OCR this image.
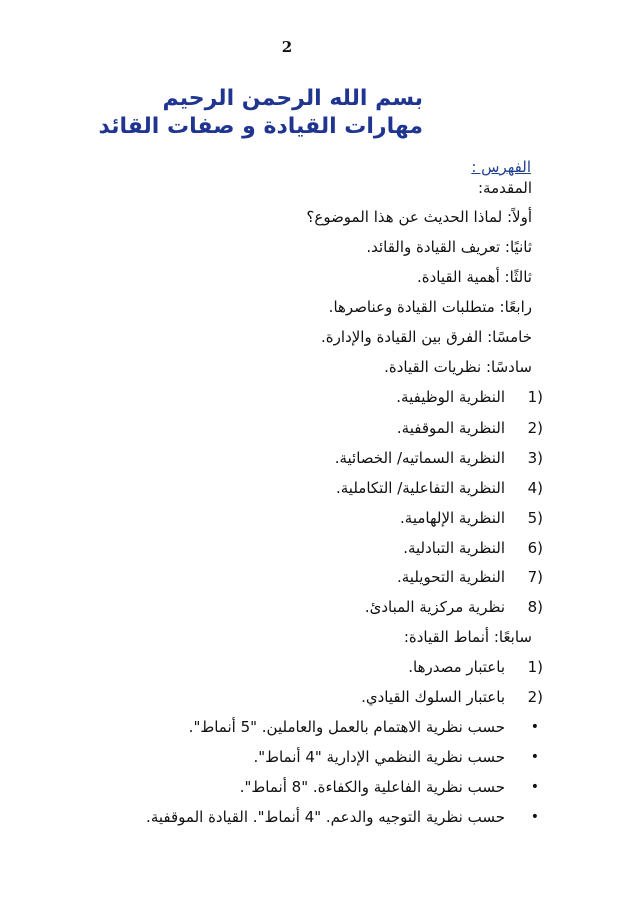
2
بسم الله الرحمن الرحيم
مهارات القيادة و صفات القائد
الفهرس :
المقدمة:
أولاً: لماذا الحديث عن هذا الموضوع؟
ثانيًا: تعريف القيادة والقائد.
ثالثًا: أهمية القيادة.
رابعًا: متطلبات القيادة وعناصرها.
خامسًا: الفرق بين القيادة والإدارة.
سادسًا: نظريات القيادة.
1)
النظرية الوظيفية.
2)
النظرية الموقفية.
3)
النظرية السماتيه/ الخصائية.
4)
النظرية التفاعلية/ التكاملية.
5)
النظرية الإلهامية.
6)
النظرية التبادلية.
7)
النظرية التحويلية.
8)
نظرية مركزية المبادئ.
سابعًا: أنماط القيادة:
1)
باعتبار مصدرها.
2)
باعتبار السلوك القيادي.
•
حسب نظرية الاهتمام بالعمل والعاملين. "5 أنماط".
•
حسب نظرية النظمي الإدارية "4 أنماط".
•
حسب نظرية الفاعلية والكفاءة. "8 أنماط".
•
حسب نظرية التوجيه والدعم. "4 أنماط". القيادة الموقفية.
